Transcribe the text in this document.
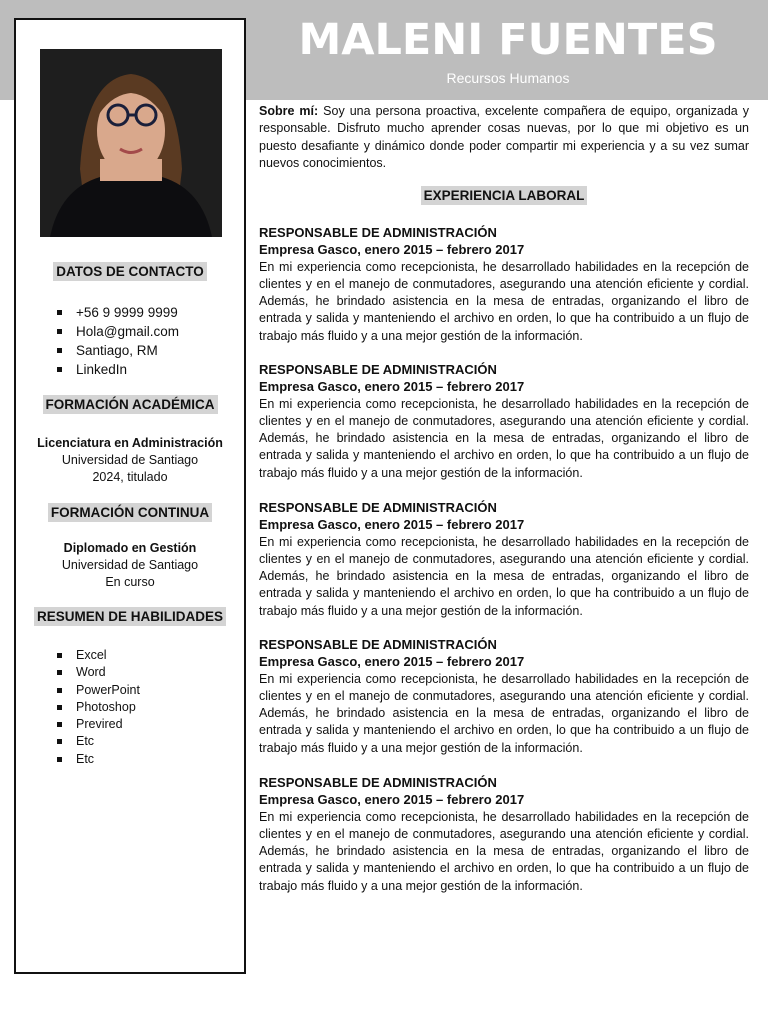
MALENI FUENTES
Recursos Humanos
DATOS DE CONTACTO
+56 9 9999 9999
Hola@gmail.com
Santiago, RM
LinkedIn
FORMACIÓN ACADÉMICA
Licenciatura en Administración
Universidad de Santiago
2024, titulado
FORMACIÓN CONTINUA
Diplomado en Gestión
Universidad de Santiago
En curso
RESUMEN DE HABILIDADES
Excel
Word
PowerPoint
Photoshop
Previred
Etc
Etc
Sobre mí: Soy una persona proactiva, excelente compañera de equipo, organizada y responsable. Disfruto mucho aprender cosas nuevas, por lo que mi objetivo es un puesto desafiante y dinámico donde poder compartir mi experiencia y a su vez sumar nuevos conocimientos.
EXPERIENCIA LABORAL
RESPONSABLE DE ADMINISTRACIÓN
Empresa Gasco, enero 2015 – febrero 2017
En mi experiencia como recepcionista, he desarrollado habilidades en la recepción de clientes y en el manejo de conmutadores, asegurando una atención eficiente y cordial. Además, he brindado asistencia en la mesa de entradas, organizando el libro de entrada y salida y manteniendo el archivo en orden, lo que ha contribuido a un flujo de trabajo más fluido y a una mejor gestión de la información.
RESPONSABLE DE ADMINISTRACIÓN
Empresa Gasco, enero 2015 – febrero 2017
En mi experiencia como recepcionista, he desarrollado habilidades en la recepción de clientes y en el manejo de conmutadores, asegurando una atención eficiente y cordial. Además, he brindado asistencia en la mesa de entradas, organizando el libro de entrada y salida y manteniendo el archivo en orden, lo que ha contribuido a un flujo de trabajo más fluido y a una mejor gestión de la información.
RESPONSABLE DE ADMINISTRACIÓN
Empresa Gasco, enero 2015 – febrero 2017
En mi experiencia como recepcionista, he desarrollado habilidades en la recepción de clientes y en el manejo de conmutadores, asegurando una atención eficiente y cordial. Además, he brindado asistencia en la mesa de entradas, organizando el libro de entrada y salida y manteniendo el archivo en orden, lo que ha contribuido a un flujo de trabajo más fluido y a una mejor gestión de la información.
RESPONSABLE DE ADMINISTRACIÓN
Empresa Gasco, enero 2015 – febrero 2017
En mi experiencia como recepcionista, he desarrollado habilidades en la recepción de clientes y en el manejo de conmutadores, asegurando una atención eficiente y cordial. Además, he brindado asistencia en la mesa de entradas, organizando el libro de entrada y salida y manteniendo el archivo en orden, lo que ha contribuido a un flujo de trabajo más fluido y a una mejor gestión de la información.
RESPONSABLE DE ADMINISTRACIÓN
Empresa Gasco, enero 2015 – febrero 2017
En mi experiencia como recepcionista, he desarrollado habilidades en la recepción de clientes y en el manejo de conmutadores, asegurando una atención eficiente y cordial. Además, he brindado asistencia en la mesa de entradas, organizando el libro de entrada y salida y manteniendo el archivo en orden, lo que ha contribuido a un flujo de trabajo más fluido y a una mejor gestión de la información.
